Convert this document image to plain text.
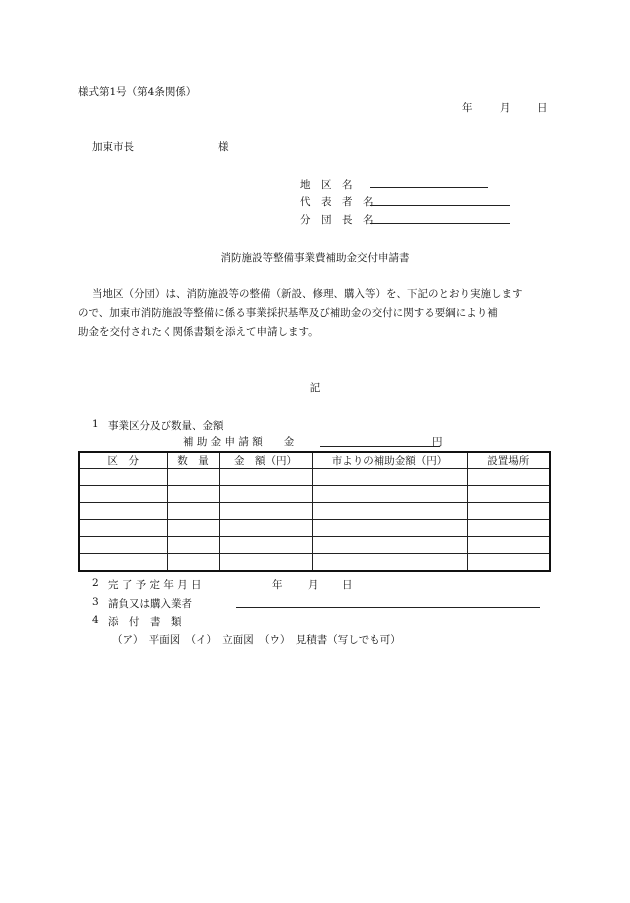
様式第1号（第4条関係）
年	月	日
加東市長	様
地　区　名
代　表　者　名
分　団　長　名
消防施設等整備事業費補助金交付申請書
当地区（分団）は、消防施設等の整備（新設、修理、購入等）を、下記のとおり実施します
ので、加東市消防施設等整備に係る事業採択基準及び補助金の交付に関する要綱により補
助金を交付されたく関係書類を添えて申請します。
記
1 事業区分及び数量、金額
補 助 金 申 請 額　　金	円
区　分	数　量	金　額（円）	市よりの補助金額（円）	設置場所

2 完 了 予 定 年 月 日	年 月 日
3 請負又は購入業者
4 添　付　書　類
（ア）　平面図　（イ）　立面図　（ウ）　見積書（写しでも可）
